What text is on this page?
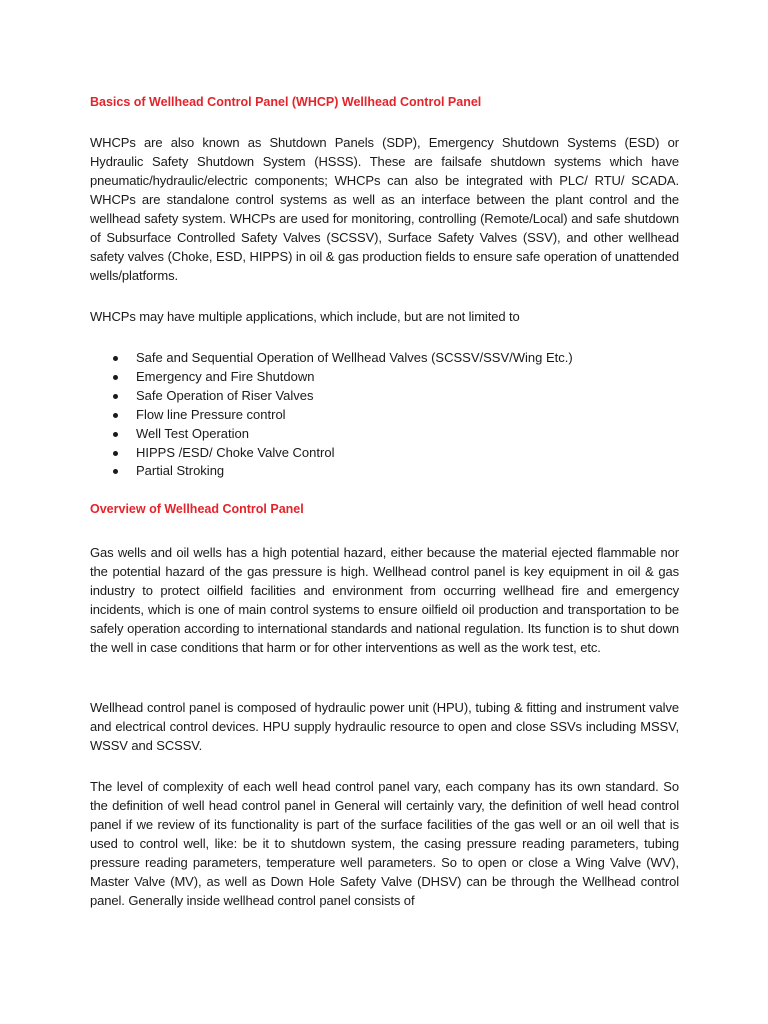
Basics of Wellhead Control Panel (WHCP) Wellhead Control Panel

WHCPs are also known as Shutdown Panels (SDP), Emergency Shutdown Systems (ESD) or Hydraulic Safety Shutdown System (HSSS). These are failsafe shutdown systems which have pneumatic/hydraulic/electric components; WHCPs can also be integrated with PLC/ RTU/ SCADA. WHCPs are standalone control systems as well as an interface between the plant control and the wellhead safety system. WHCPs are used for monitoring, controlling (Remote/Local) and safe shutdown of Subsurface Controlled Safety Valves (SCSSV), Surface Safety Valves (SSV), and other wellhead safety valves (Choke, ESD, HIPPS) in oil & gas production fields to ensure safe operation of unattended wells/platforms.

WHCPs may have multiple applications, which include, but are not limited to

Safe and Sequential Operation of Wellhead Valves (SCSSV/SSV/Wing Etc.)
Emergency and Fire Shutdown
Safe Operation of Riser Valves
Flow line Pressure control
Well Test Operation
HIPPS /ESD/ Choke Valve Control
Partial Stroking
Overview of Wellhead Control Panel

Gas wells and oil wells has a high potential hazard, either because the material ejected flammable nor the potential hazard of the gas pressure is high. Wellhead control panel is key equipment in oil & gas industry to protect oilfield facilities and environment from occurring wellhead fire and emergency incidents, which is one of main control systems to ensure oilfield oil production and transportation to be safely operation according to international standards and national regulation. Its function is to shut down the well in case conditions that harm or for other interventions as well as the work test, etc.

Wellhead control panel is composed of hydraulic power unit (HPU), tubing & fitting and instrument valve and electrical control devices. HPU supply hydraulic resource to open and close SSVs including MSSV, WSSV and SCSSV.

The level of complexity of each well head control panel vary, each company has its own standard. So the definition of well head control panel in General will certainly vary, the definition of well head control panel if we review of its functionality is part of the surface facilities of the gas well or an oil well that is used to control well, like: be it to shutdown system, the casing pressure reading parameters, tubing pressure reading parameters, temperature well parameters. So to open or close a Wing Valve (WV), Master Valve (MV), as well as Down Hole Safety Valve (DHSV) can be through the Wellhead control panel. Generally inside wellhead control panel consists of
